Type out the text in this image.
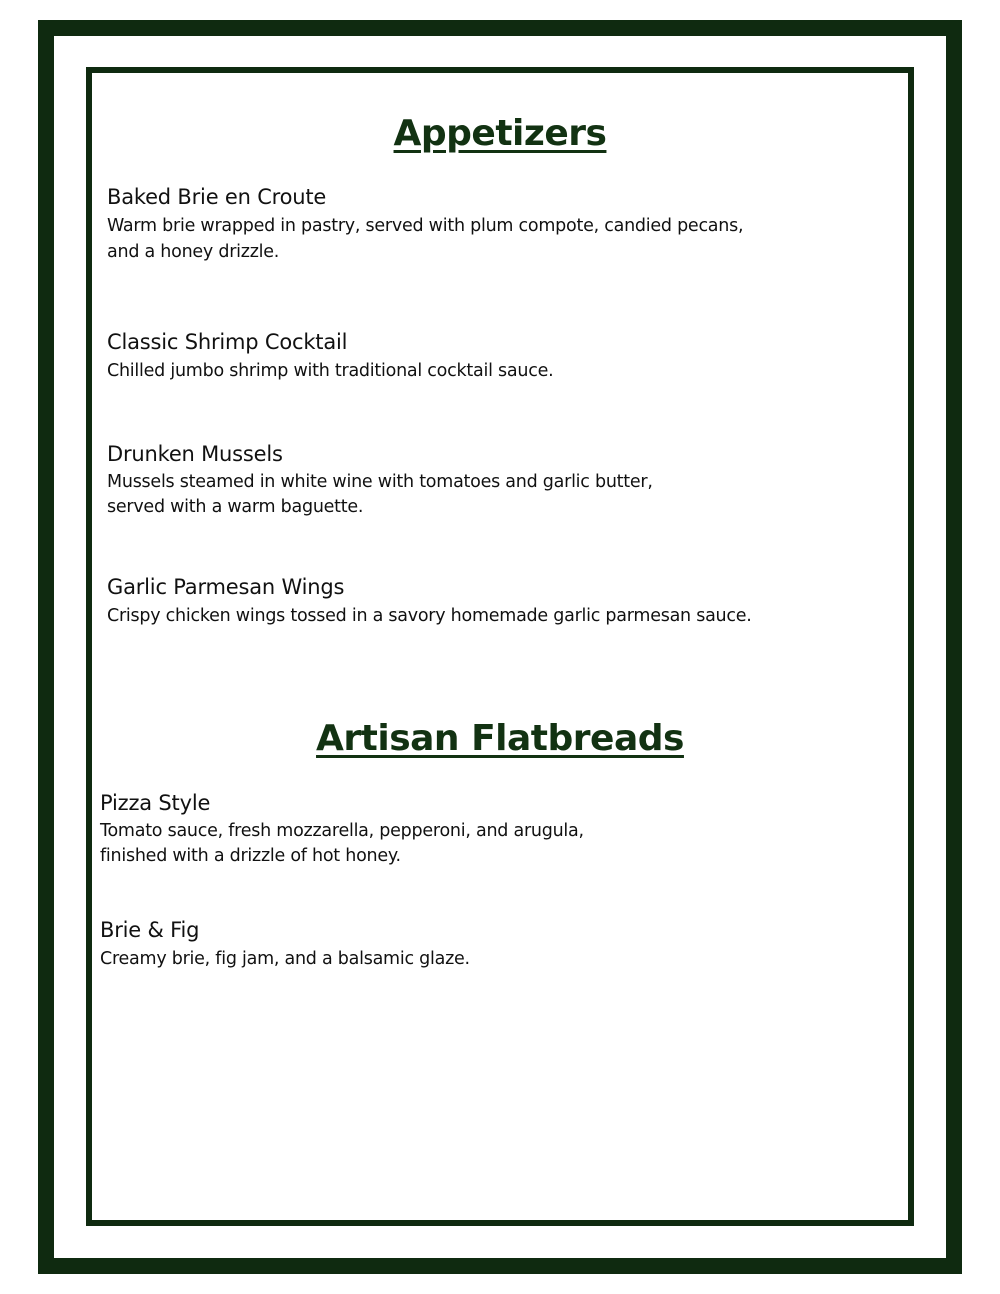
Appetizers
Baked Brie en Croute

Warm brie wrapped in pastry, served with plum compote, candied pecans,
and a honey drizzle.

Classic Shrimp Cocktail

Chilled jumbo shrimp with traditional cocktail sauce.

Drunken Mussels

Mussels steamed in white wine with tomatoes and garlic butter,
served with a warm baguette.

Garlic Parmesan Wings

Crispy chicken wings tossed in a savory homemade garlic parmesan sauce.

Artisan Flatbreads
Pizza Style

Tomato sauce, fresh mozzarella, pepperoni, and arugula,
finished with a drizzle of hot honey.

Brie & Fig

Creamy brie, fig jam, and a balsamic glaze.
